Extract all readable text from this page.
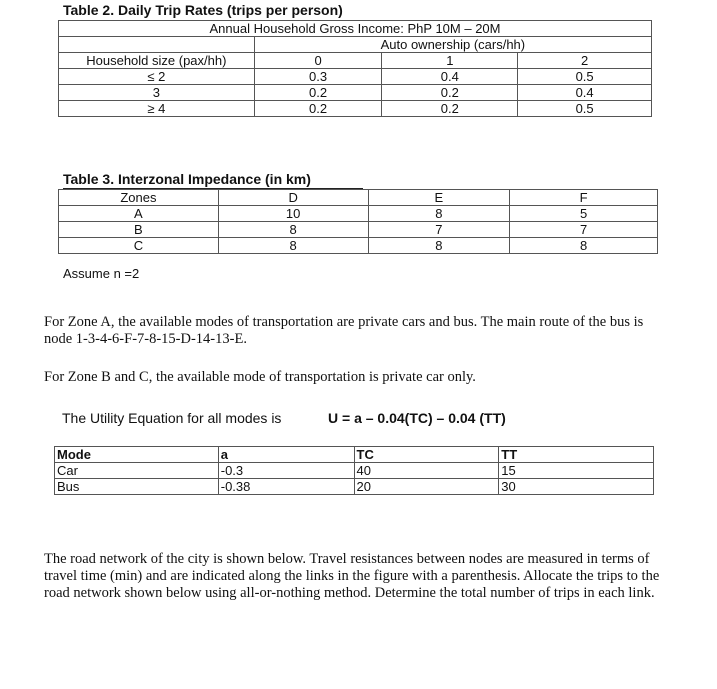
Table 2. Daily Trip Rates (trips per person)
Annual Household Gross Income: PhP 10M – 20M			
	Auto ownership (cars/hh)		
Household size (pax/hh)	0	1	2
≤ 2	0.3	0.4	0.5
3	0.2	0.2	0.4
≥ 4	0.2	0.2	0.5
Table 3. Interzonal Impedance (in km)
Zones	D	E	F
A	10	8	5
B	8	7	7
C	8	8	8
Assume n =2
For Zone A, the available modes of transportation are private cars and bus. The main route of the bus is node 1-3-4-6-F-7-8-15-D-14-13-E.
For Zone B and C, the available mode of transportation is private car only.
The Utility Equation for all modes is	U = a – 0.04(TC) – 0.04 (TT)
Mode	a	TC	TT
Car	-0.3	40	15
Bus	-0.38	20	30
The road network of the city is shown below. Travel resistances between nodes are measured in terms of travel time (min) and are indicated along the links in the figure with a parenthesis. Allocate the trips to the road network shown below using all-or-nothing method. Determine the total number of trips in each link.
